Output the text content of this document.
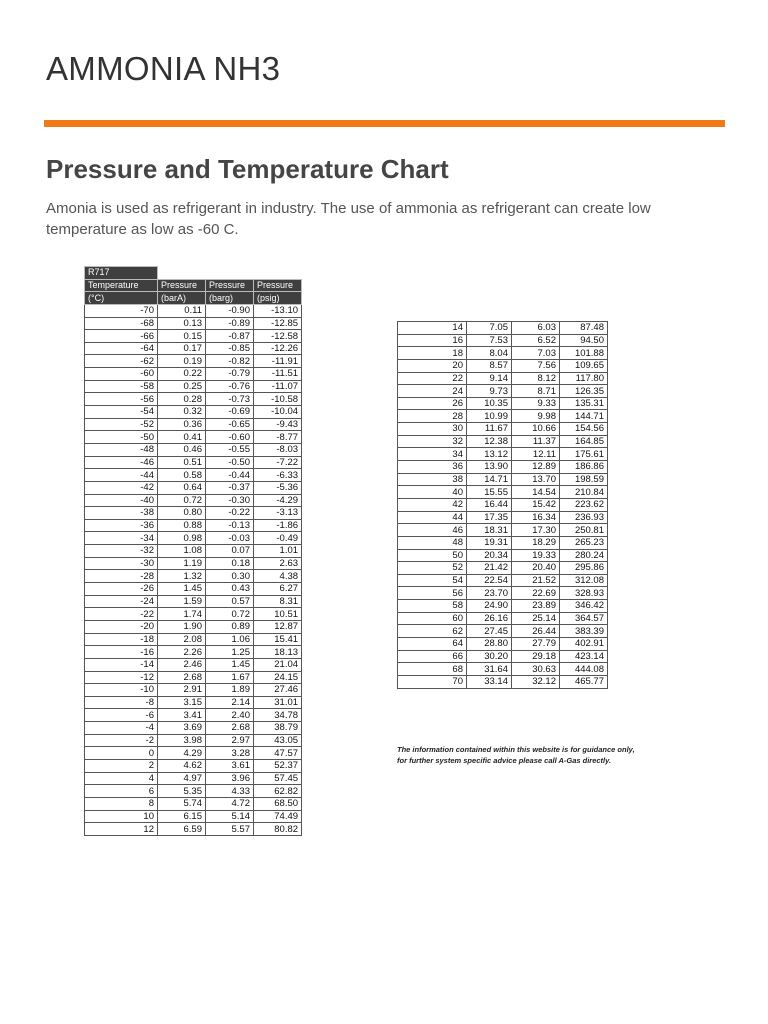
AMMONIA NH3
Pressure and Temperature Chart

Amonia is used as refrigerant in industry. The use of ammonia as refrigerant can create low temperature as low as -60 C.

R717			
Temperature	Pressure	Pressure	Pressure
(°C)	(barA)	(barg)	(psig)
-70	0.11	-0.90	-13.10
-68	0.13	-0.89	-12.85
-66	0.15	-0.87	-12.58
-64	0.17	-0.85	-12.26
-62	0.19	-0.82	-11.91
-60	0.22	-0.79	-11.51
-58	0.25	-0.76	-11.07
-56	0.28	-0.73	-10.58
-54	0.32	-0.69	-10.04
-52	0.36	-0.65	-9.43
-50	0.41	-0.60	-8.77
-48	0.46	-0.55	-8.03
-46	0.51	-0.50	-7.22
-44	0.58	-0.44	-6.33
-42	0.64	-0.37	-5.36
-40	0.72	-0.30	-4.29
-38	0.80	-0.22	-3.13
-36	0.88	-0.13	-1.86
-34	0.98	-0.03	-0.49
-32	1.08	0.07	1.01
-30	1.19	0.18	2.63
-28	1.32	0.30	4.38
-26	1.45	0.43	6.27
-24	1.59	0.57	8.31
-22	1.74	0.72	10.51
-20	1.90	0.89	12.87
-18	2.08	1.06	15.41
-16	2.26	1.25	18.13
-14	2.46	1.45	21.04
-12	2.68	1.67	24.15
-10	2.91	1.89	27.46
-8	3.15	2.14	31.01
-6	3.41	2.40	34.78
-4	3.69	2.68	38.79
-2	3.98	2.97	43.05
0	4.29	3.28	47.57
2	4.62	3.61	52.37
4	4.97	3.96	57.45
6	5.35	4.33	62.82
8	5.74	4.72	68.50
10	6.15	5.14	74.49
12	6.59	5.57	80.82
14	7.05	6.03	87.48
16	7.53	6.52	94.50
18	8.04	7.03	101.88
20	8.57	7.56	109.65
22	9.14	8.12	117.80
24	9.73	8.71	126.35
26	10.35	9.33	135.31
28	10.99	9.98	144.71
30	11.67	10.66	154.56
32	12.38	11.37	164.85
34	13.12	12.11	175.61
36	13.90	12.89	186.86
38	14.71	13.70	198.59
40	15.55	14.54	210.84
42	16.44	15.42	223.62
44	17.35	16.34	236.93
46	18.31	17.30	250.81
48	19.31	18.29	265.23
50	20.34	19.33	280.24
52	21.42	20.40	295.86
54	22.54	21.52	312.08
56	23.70	22.69	328.93
58	24.90	23.89	346.42
60	26.16	25.14	364.57
62	27.45	26.44	383.39
64	28.80	27.79	402.91
66	30.20	29.18	423.14
68	31.64	30.63	444.08
70	33.14	32.12	465.77

The information contained within this website is for guidance only,
for further system specific advice please call A-Gas directly.
